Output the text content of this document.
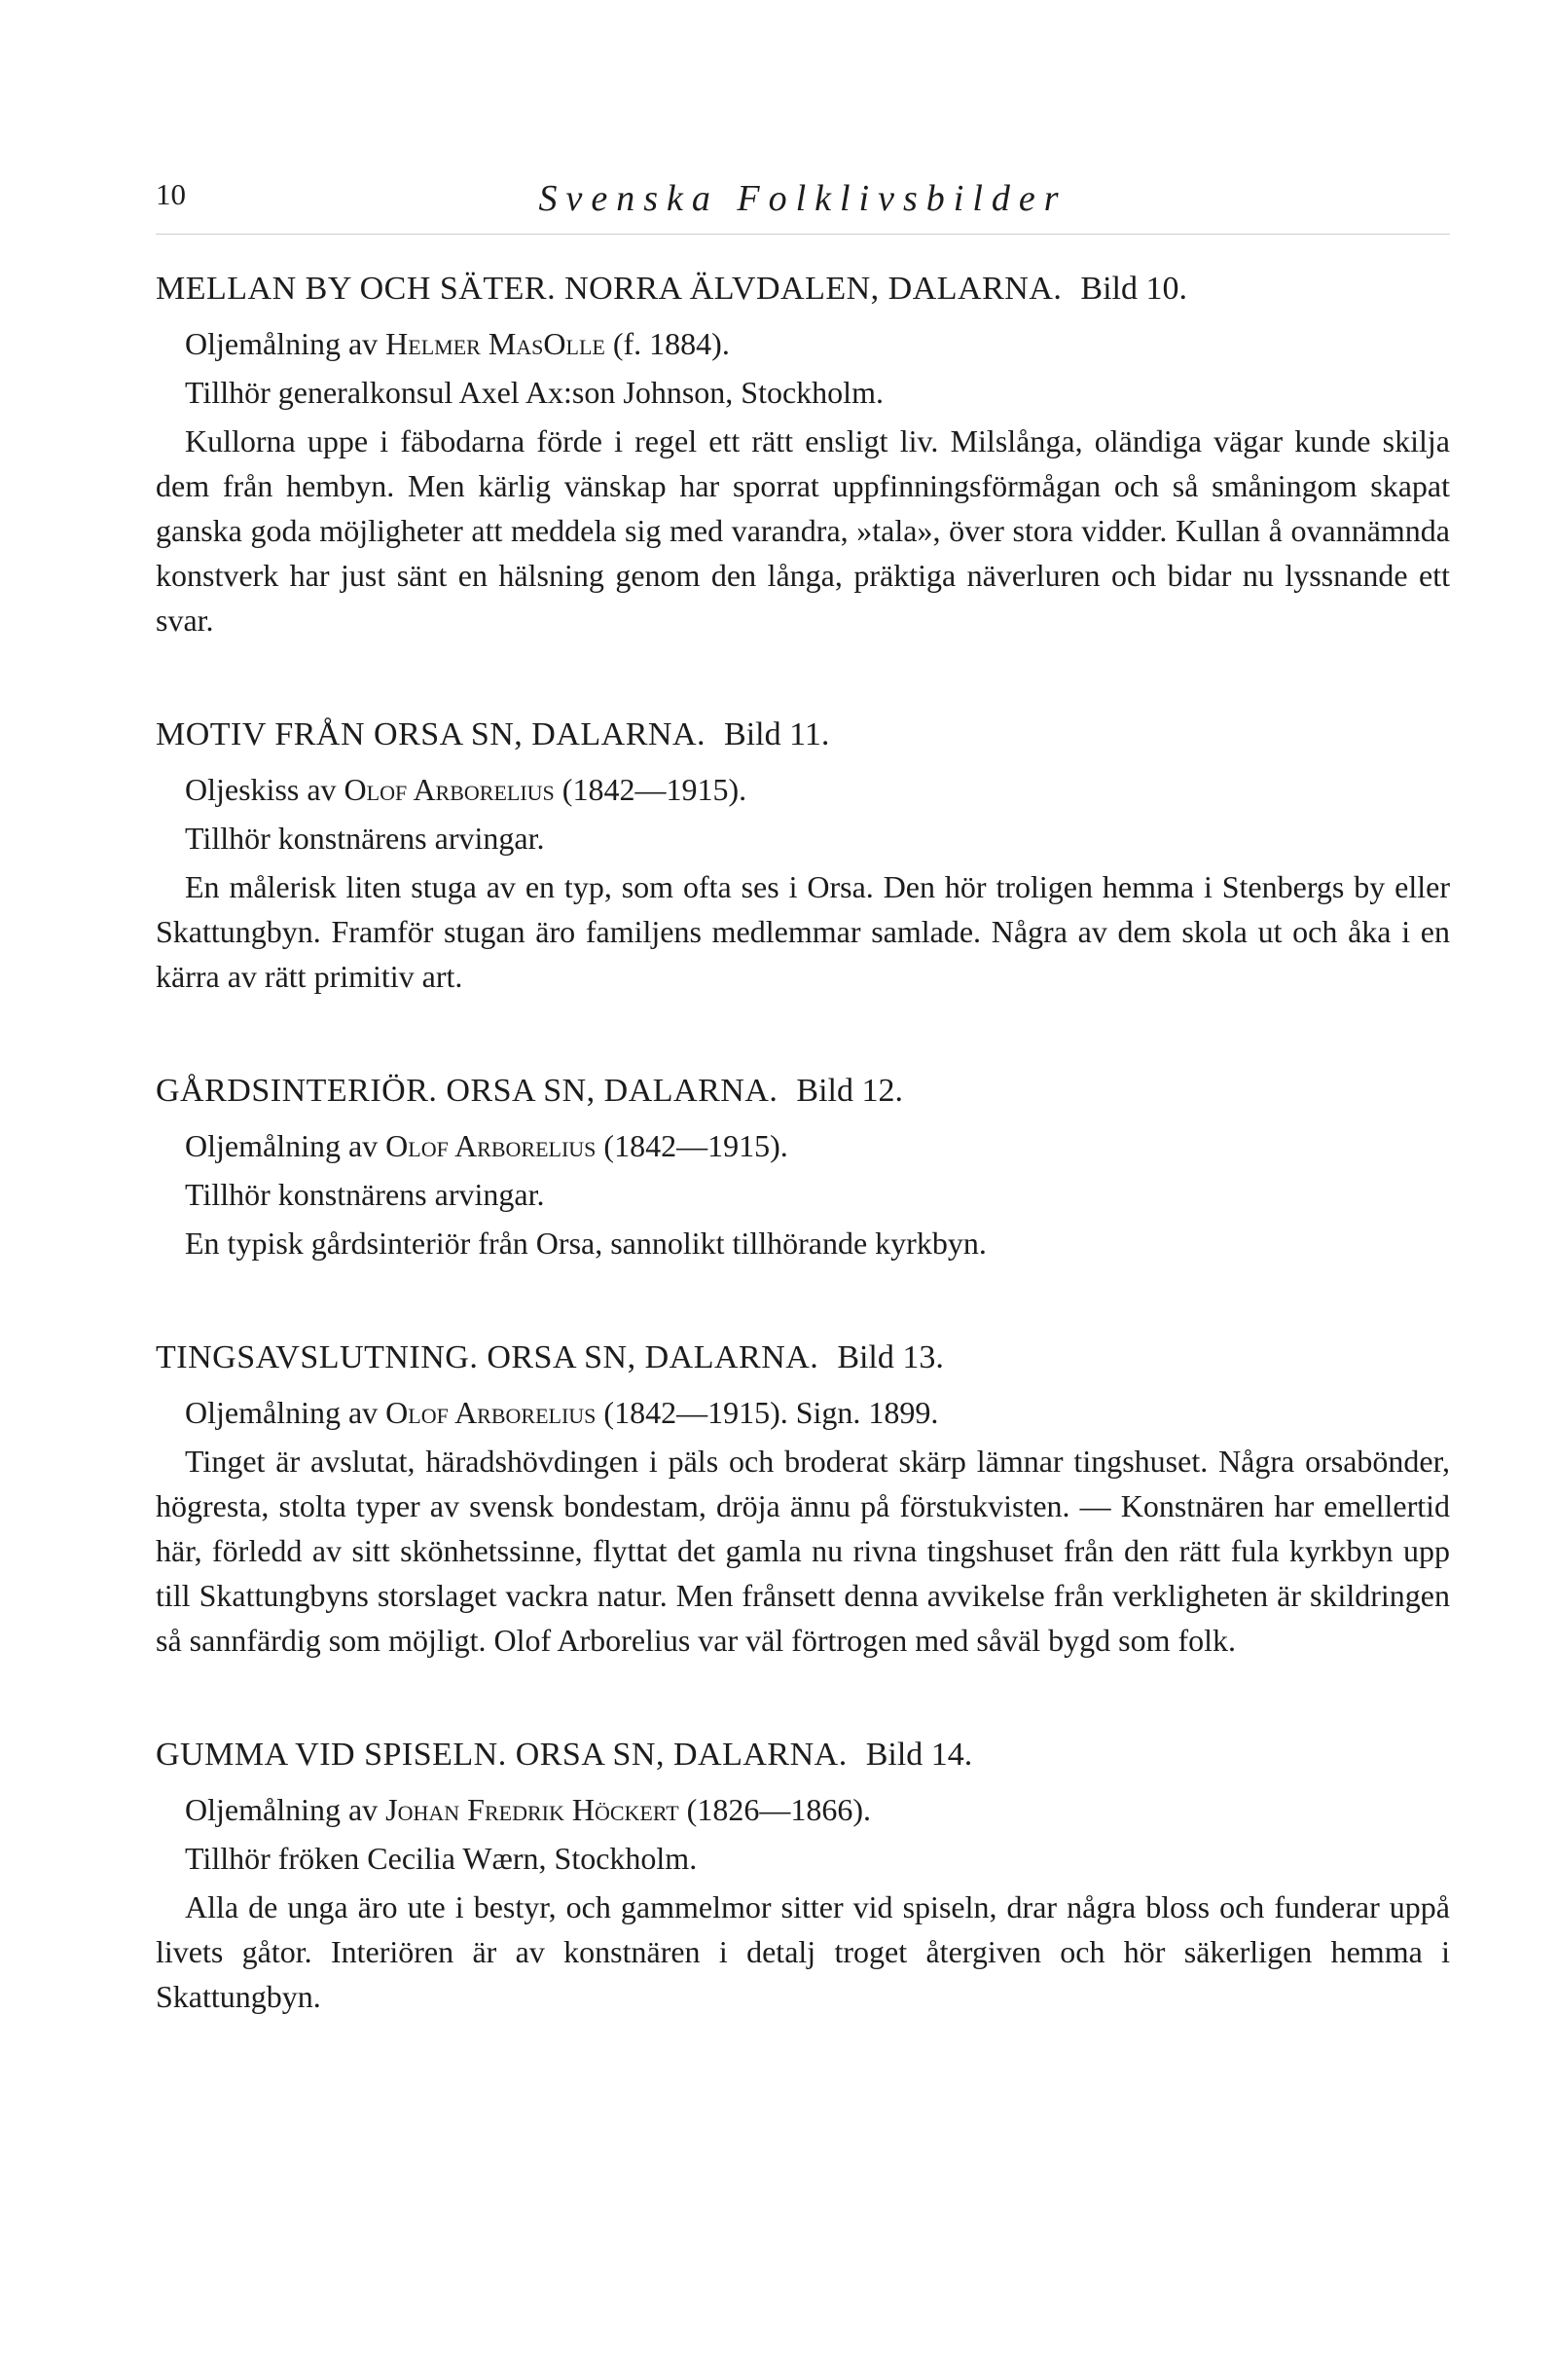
10	Svenska Folklivsbilder
MELLAN BY OCH SÄTER. NORRA ÄLVDALEN, DALARNA. Bild 10.
Oljemålning av Helmer MasOlle (f. 1884).
Tillhör generalkonsul Axel Ax:son Johnson, Stockholm.

Kullorna uppe i fäbodarna förde i regel ett rätt ensligt liv. Milslånga, oländiga vägar kunde skilja dem från hembyn. Men kärlig vänskap har sporrat uppfinningsförmågan och så småningom skapat ganska goda möjligheter att meddela sig med varandra, »tala», över stora vidder. Kullan å ovannämnda konstverk har just sänt en hälsning genom den långa, präktiga näverluren och bidar nu lyssnande ett svar.

MOTIV FRÅN ORSA SN, DALARNA. Bild 11.
Oljeskiss av Olof Arborelius (1842—1915).
Tillhör konstnärens arvingar.

En målerisk liten stuga av en typ, som ofta ses i Orsa. Den hör troligen hemma i Stenbergs by eller Skattungbyn. Framför stugan äro familjens medlemmar samlade. Några av dem skola ut och åka i en kärra av rätt primitiv art.

GÅRDSINTERIÖR. ORSA SN, DALARNA. Bild 12.
Oljemålning av Olof Arborelius (1842—1915).
Tillhör konstnärens arvingar.

En typisk gårdsinteriör från Orsa, sannolikt tillhörande kyrkbyn.

TINGSAVSLUTNING. ORSA SN, DALARNA. Bild 13.
Oljemålning av Olof Arborelius (1842—1915). Sign. 1899.

Tinget är avslutat, häradshövdingen i päls och broderat skärp lämnar tingshuset. Några orsabönder, högresta, stolta typer av svensk bondestam, dröja ännu på förstukvisten. — Konstnären har emellertid här, förledd av sitt skönhetssinne, flyttat det gamla nu rivna tingshuset från den rätt fula kyrkbyn upp till Skattungbyns storslaget vackra natur. Men frånsett denna avvikelse från verkligheten är skildringen så sannfärdig som möjligt. Olof Arborelius var väl förtrogen med såväl bygd som folk.

GUMMA VID SPISELN. ORSA SN, DALARNA. Bild 14.
Oljemålning av Johan Fredrik Höckert (1826—1866).
Tillhör fröken Cecilia Wærn, Stockholm.

Alla de unga äro ute i bestyr, och gammelmor sitter vid spiseln, drar några bloss och funderar uppå livets gåtor. Interiören är av konstnären i detalj troget återgiven och hör säkerligen hemma i Skattungbyn.
